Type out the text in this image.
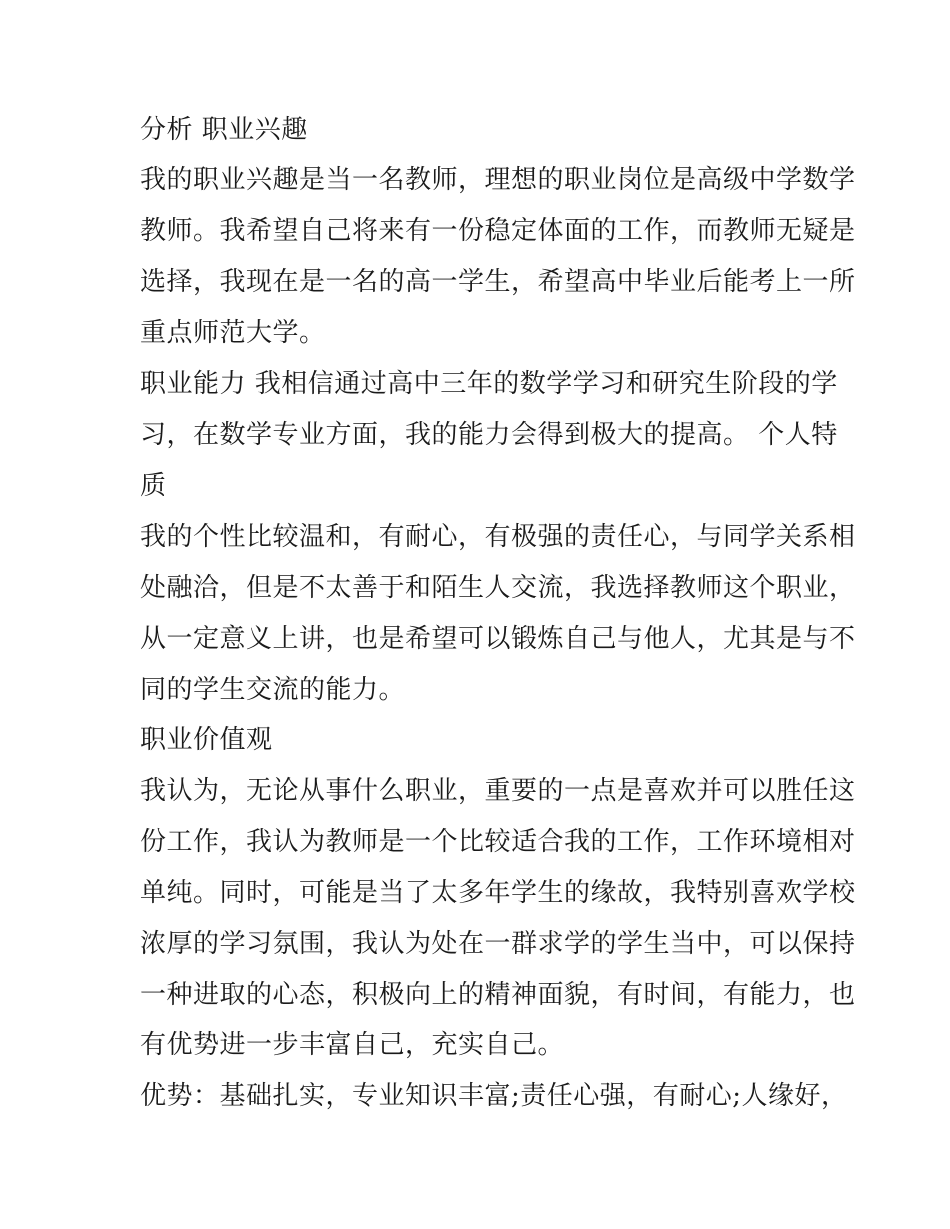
分析 职业兴趣
我的职业兴趣是当一名教师，理想的职业岗位是高级中学数学
教师。我希望自己将来有一份稳定体面的工作，而教师无疑是
选择，我现在是一名的高一学生，希望高中毕业后能考上一所
重点师范大学。
职业能力 我相信通过高中三年的数学学习和研究生阶段的学
习，在数学专业方面，我的能力会得到极大的提高。 个人特
质
我的个性比较温和，有耐心，有极强的责任心，与同学关系相
处融洽，但是不太善于和陌生人交流，我选择教师这个职业，
从一定意义上讲，也是希望可以锻炼自己与他人，尤其是与不
同的学生交流的能力。
职业价值观
我认为，无论从事什么职业，重要的一点是喜欢并可以胜任这
份工作，我认为教师是一个比较适合我的工作，工作环境相对
单纯。同时，可能是当了太多年学生的缘故，我特别喜欢学校
浓厚的学习氛围，我认为处在一群求学的学生当中，可以保持
一种进取的心态，积极向上的精神面貌，有时间，有能力，也
有优势进一步丰富自己，充实自己。
优势：基础扎实，专业知识丰富;责任心强，有耐心;人缘好，
